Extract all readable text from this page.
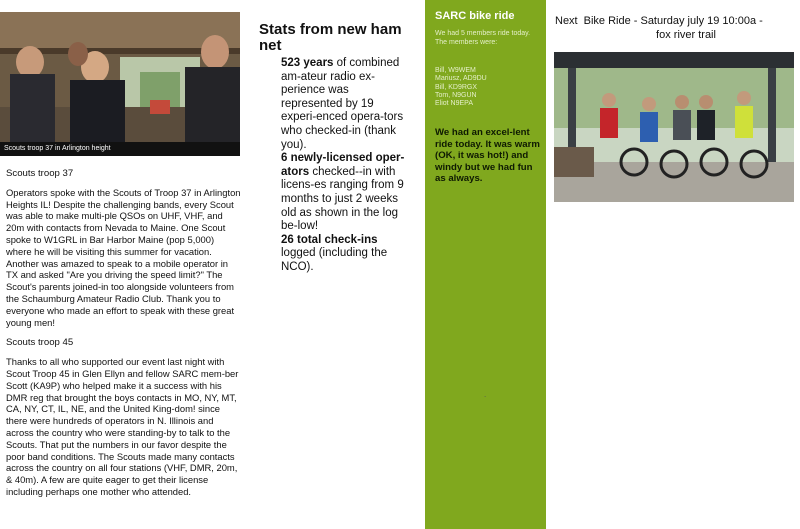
Scouts troop 37 in Arlington height

Scouts troop 37

Operators spoke with the Scouts of Troop 37 in Arlington Heights IL! Despite the challenging bands, every Scout was able to make multi-ple QSOs on UHF, VHF, and 20m with contacts from Nevada to Maine. One Scout spoke to W1GRL in Bar Harbor Maine (pop 5,000) where he will be visiting this summer for vacation. Another was amazed to speak to a mobile operator in TX and asked "Are you driving the speed limit?" The Scout's parents joined-in too alongside volunteers from the Schaumburg Amateur Radio Club. Thank you to everyone who made an effort to speak with these great young men!

Scouts troop 45

Thanks to all who supported our event last night with Scout Troop 45 in Glen Ellyn and fellow SARC mem-ber Scott (KA9P) who helped make it a success with his DMR reg that brought the boys contacts in MO, NY, MT, CA, NY, CT, IL, NE, and the United King-dom! since there were hundreds of operators in N. Illinois and across the country who were standing-by to talk to the Scouts. That put the numbers in our favor despite the poor band conditions. The Scouts made many contacts across the country on all four stations (VHF, DMR, 20m, & 40m). A few are quite eager to get their license including perhaps one mother who attended.

Stats from new ham net
523 years of combined am-ateur radio ex-perience was represented by 19 experi-enced opera-tors who checked-in (thank you).
6 newly-licensed oper-ators checked--in with licens-es ranging from 9 months to just 2 weeks old as shown in the log be-low!
26 total check-ins logged (including the NCO).
SARC bike ride
We had 5 members ride today. The members were:
Bill, W9WEM
Mariusz, AD9DU
Bill, KD9RGX
Tom, N9GUN
Eliot N9EPA
We had an excel-lent ride today. It was warm (OK, it was hot!) and windy but we had fun as always.
.
Next Bike Ride - Saturday july 19 10:00a -
fox river trail
